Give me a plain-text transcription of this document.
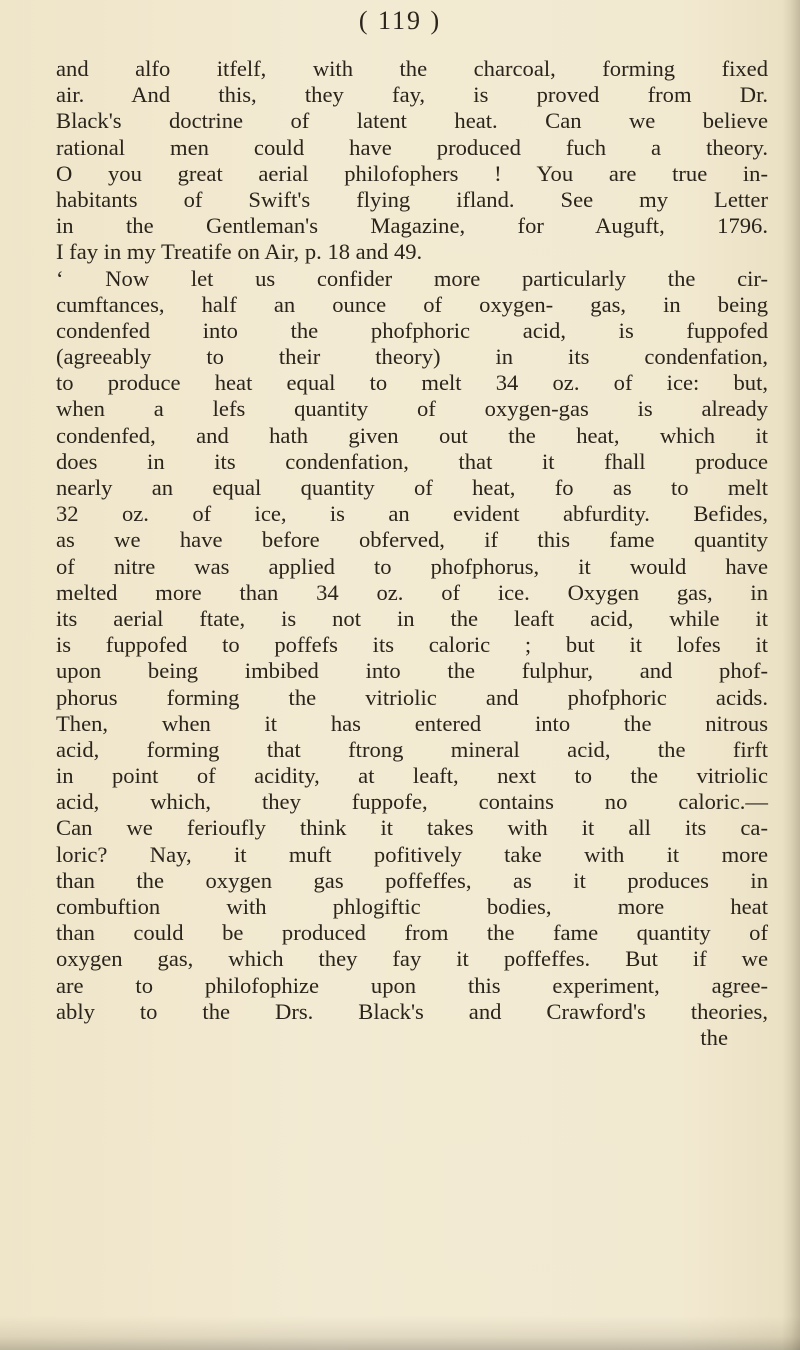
( 119 )
and alfo itfelf, with the charcoal, forming fixed
air. And this, they fay, is proved from Dr.
Black's doctrine of latent heat. Can we believe
rational men could have produced fuch a theory.
O you great aerial philofophers ! You are true in-
habitants of Swift's flying ifland. See my Letter
in the Gentleman's Magazine, for Auguft, 1796.
I fay in my Treatife on Air, p. 18 and 49.
‘ Now let us confider more particularly the cir-
cumftances, half an ounce of oxygen- gas, in being
condenfed into the phofphoric acid, is fuppofed
(agreeably to their theory) in its condenfation,
to produce heat equal to melt 34 oz. of ice: but,
when a lefs quantity of oxygen-gas is already
condenfed, and hath given out the heat, which it
does in its condenfation, that it fhall produce
nearly an equal quantity of heat, fo as to melt
32 oz. of ice, is an evident abfurdity. Befides,
as we have before obferved, if this fame quantity
of nitre was applied to phofphorus, it would have
melted more than 34 oz. of ice. Oxygen gas, in
its aerial ftate, is not in the leaft acid, while it
is fuppofed to poffefs its caloric ; but it lofes it
upon being imbibed into the fulphur, and phof-
phorus forming the vitriolic and phofphoric acids.
Then, when it has entered into the nitrous
acid, forming that ftrong mineral acid, the firft
in point of acidity, at leaft, next to the vitriolic
acid, which, they fuppofe, contains no caloric.—
Can we ferioufly think it takes with it all its ca-
loric? Nay, it muft pofitively take with it more
than the oxygen gas poffeffes, as it produces in
combuftion with phlogiftic bodies, more heat
than could be produced from the fame quantity of
oxygen gas, which they fay it poffeffes. But if we
are to philofophize upon this experiment, agree-
ably to the Drs. Black's and Crawford's theories,
the
